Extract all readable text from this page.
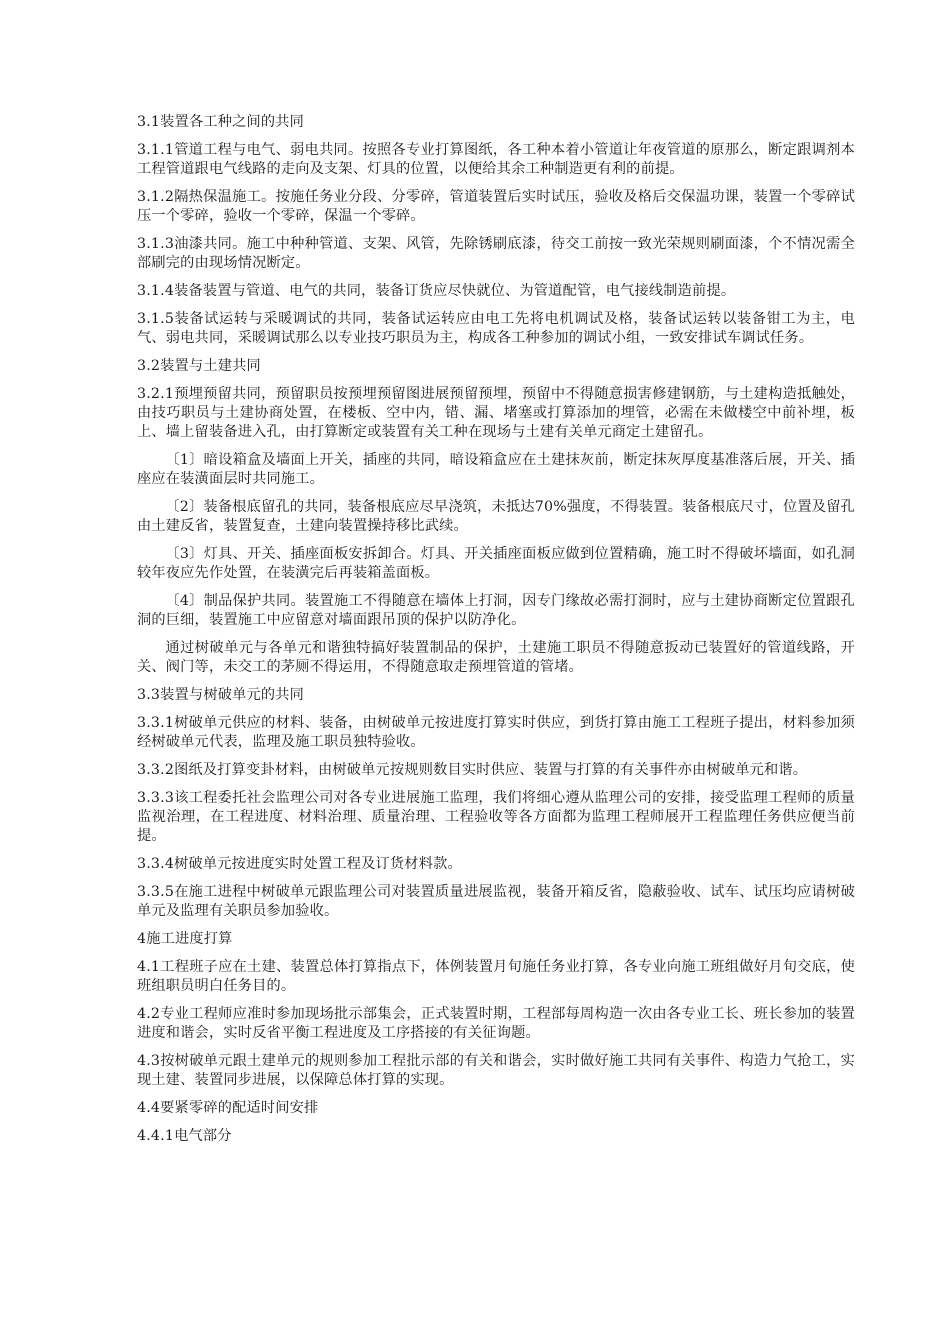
3.1装置各工种之间的共同

3.1.1管道工程与电气、弱电共同。按照各专业打算图纸，各工种本着小管道让年夜管道的原那么，断定跟调剂本工程管道跟电气线路的走向及支架、灯具的位置，以便给其余工种制造更有利的前提。

3.1.2隔热保温施工。按施任务业分段、分零碎，管道装置后实时试压，验收及格后交保温功课，装置一个零碎试压一个零碎，验收一个零碎，保温一个零碎。

3.1.3油漆共同。施工中种种管道、支架、风管，先除锈刷底漆，待交工前按一致光荣规则刷面漆，个不情况需全部刷完的由现场情况断定。

3.1.4装备装置与管道、电气的共同，装备订货应尽快就位、为管道配管，电气接线制造前提。

3.1.5装备试运转与采暖调试的共同，装备试运转应由电工先将电机调试及格，装备试运转以装备钳工为主，电气、弱电共同，采暖调试那么以专业技巧职员为主，构成各工种参加的调试小组，一致安排试车调试任务。

3.2装置与土建共同

3.2.1预埋预留共同，预留职员按预埋预留图进展预留预埋，预留中不得随意损害修建钢筋，与土建构造抵触处，由技巧职员与土建协商处置，在楼板、空中内，错、漏、堵塞或打算添加的埋管，必需在未做楼空中前补埋，板上、墙上留装备进入孔，由打算断定或装置有关工种在现场与土建有关单元商定土建留孔。

〔1〕暗设箱盒及墙面上开关，插座的共同，暗设箱盒应在土建抹灰前，断定抹灰厚度基准落后展，开关、插座应在装潢面层时共同施工。

〔2〕装备根底留孔的共同，装备根底应尽早浇筑，未抵达70%强度，不得装置。装备根底尺寸，位置及留孔由土建反省，装置复查，土建向装置操持移比武续。

〔3〕灯具、开关、插座面板安拆卸合。灯具、开关插座面板应做到位置精确，施工时不得破坏墙面，如孔洞较年夜应先作处置，在装潢完后再装箱盖面板。

〔4〕制品保护共同。装置施工不得随意在墙体上打洞，因专门缘故必需打洞时，应与土建协商断定位置跟孔洞的巨细，装置施工中应留意对墙面跟吊顶的保护以防净化。

通过树破单元与各单元和谐独特搞好装置制品的保护，土建施工职员不得随意扳动已装置好的管道线路，开关、阀门等，未交工的茅厕不得运用，不得随意取走预埋管道的管堵。

3.3装置与树破单元的共同

3.3.1树破单元供应的材料、装备，由树破单元按进度打算实时供应，到货打算由施工工程班子提出，材料参加须经树破单元代表，监理及施工职员独特验收。

3.3.2图纸及打算变卦材料，由树破单元按规则数目实时供应、装置与打算的有关事件亦由树破单元和谐。

3.3.3该工程委托社会监理公司对各专业进展施工监理，我们将细心遵从监理公司的安排，接受监理工程师的质量监视治理，在工程进度、材料治理、质量治理、工程验收等各方面都为监理工程师展开工程监理任务供应便当前提。

3.3.4树破单元按进度实时处置工程及订货材料款。

3.3.5在施工进程中树破单元跟监理公司对装置质量进展监视，装备开箱反省，隐蔽验收、试车、试压均应请树破单元及监理有关职员参加验收。

4施工进度打算

4.1工程班子应在土建、装置总体打算指点下，体例装置月旬施任务业打算，各专业向施工班组做好月旬交底，使班组职员明白任务目的。

4.2专业工程师应准时参加现场批示部集会，正式装置时期，工程部每周构造一次由各专业工长、班长参加的装置进度和谐会，实时反省平衡工程进度及工序搭接的有关征询题。

4.3按树破单元跟土建单元的规则参加工程批示部的有关和谐会，实时做好施工共同有关事件、构造力气抢工，实现土建、装置同步进展，以保障总体打算的实现。

4.4要紧零碎的配适时间安排

4.4.1电气部分
